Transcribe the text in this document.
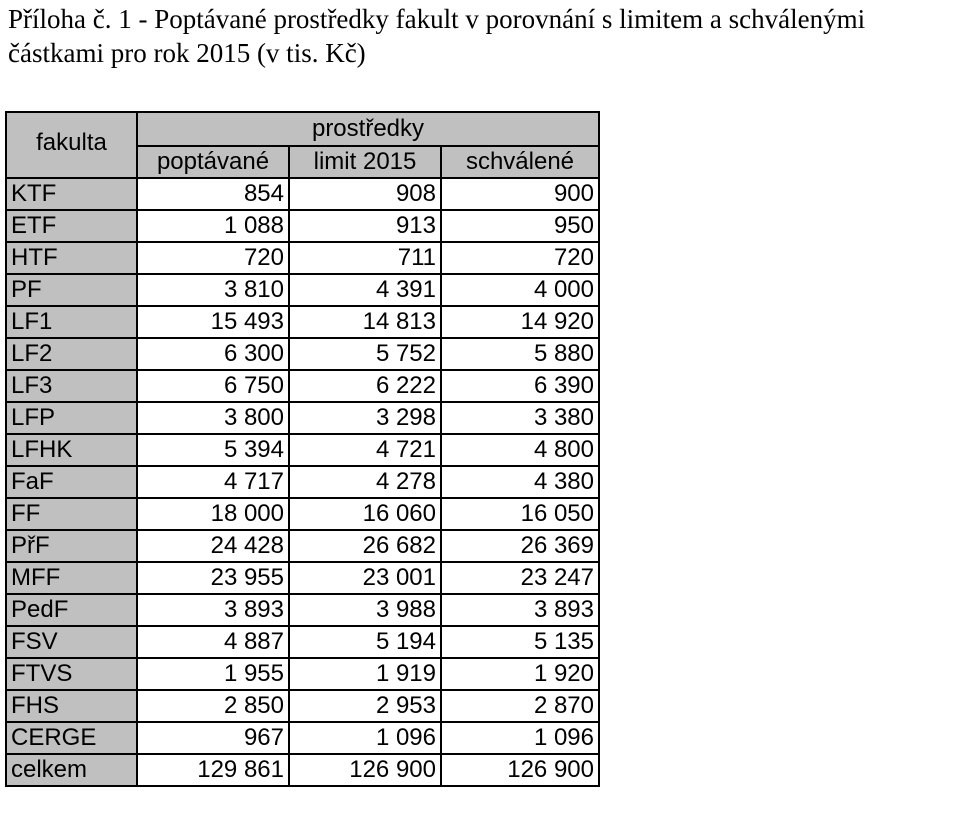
Příloha č. 1 - Poptávané prostředky fakult v porovnání s limitem a schválenými
částkami pro rok 2015 (v tis. Kč)
fakulta	prostředky		
	poptávané	limit 2015	schválené
KTF	854	908	900
ETF	1 088	913	950
HTF	720	711	720
PF	3 810	4 391	4 000
LF1	15 493	14 813	14 920
LF2	6 300	5 752	5 880
LF3	6 750	6 222	6 390
LFP	3 800	3 298	3 380
LFHK	5 394	4 721	4 800
FaF	4 717	4 278	4 380
FF	18 000	16 060	16 050
PřF	24 428	26 682	26 369
MFF	23 955	23 001	23 247
PedF	3 893	3 988	3 893
FSV	4 887	5 194	5 135
FTVS	1 955	1 919	1 920
FHS	2 850	2 953	2 870
CERGE	967	1 096	1 096
celkem	129 861	126 900	126 900
